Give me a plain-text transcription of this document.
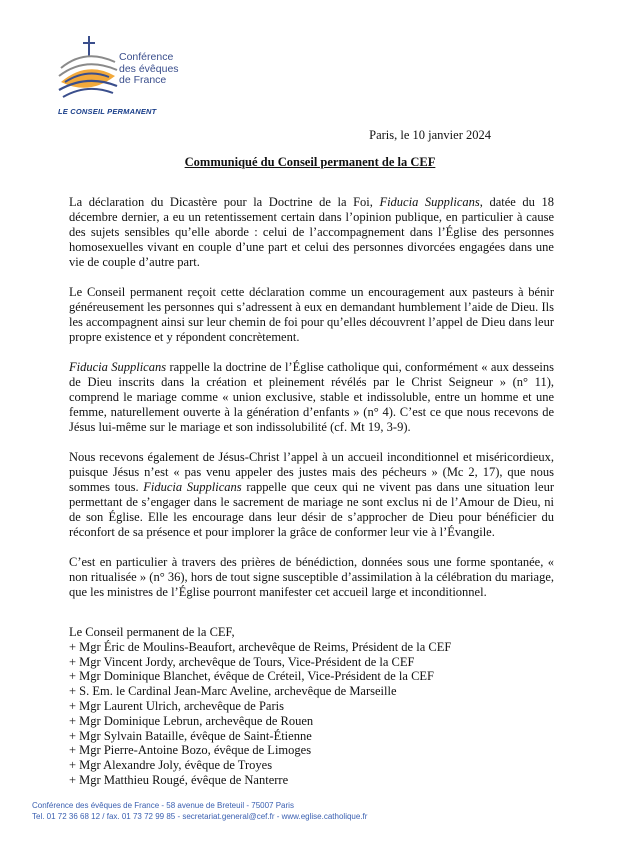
Conférence
des évêques
de France
LE CONSEIL PERMANENT
Paris, le 10 janvier 2024
Communiqué du Conseil permanent de la CEF

La déclaration du Dicastère pour la Doctrine de la Foi, Fiducia Supplicans, datée du 18 décembre dernier, a eu un retentissement certain dans l’opinion publique, en particulier à cause des sujets sensibles qu’elle aborde : celui de l’accompagnement dans l’Église des personnes homosexuelles vivant en couple d’une part et celui des personnes divorcées engagées dans une vie de couple d’autre part.

Le Conseil permanent reçoit cette déclaration comme un encouragement aux pasteurs à bénir généreusement les personnes qui s’adressent à eux en demandant humblement l’aide de Dieu. Ils les accompagnent ainsi sur leur chemin de foi pour qu’elles découvrent l’appel de Dieu dans leur propre existence et y répondent concrètement.

Fiducia Supplicans rappelle la doctrine de l’Église catholique qui, conformément « aux desseins de Dieu inscrits dans la création et pleinement révélés par le Christ Seigneur » (n° 11), comprend le mariage comme « union exclusive, stable et indissoluble, entre un homme et une femme, naturellement ouverte à la génération d’enfants » (n° 4). C’est ce que nous recevons de Jésus lui-même sur le mariage et son indissolubilité (cf. Mt 19, 3-9).

Nous recevons également de Jésus-Christ l’appel à un accueil inconditionnel et miséricordieux, puisque Jésus n’est « pas venu appeler des justes mais des pécheurs » (Mc 2, 17), que nous sommes tous. Fiducia Supplicans rappelle que ceux qui ne vivent pas dans une situation leur permettant de s’engager dans le sacrement de mariage ne sont exclus ni de l’Amour de Dieu, ni de son Église. Elle les encourage dans leur désir de s’approcher de Dieu pour bénéficier du réconfort de sa présence et pour implorer la grâce de conformer leur vie à l’Évangile.

C’est en particulier à travers des prières de bénédiction, données sous une forme spontanée, « non ritualisée » (n° 36), hors de tout signe susceptible d’assimilation à la célébration du mariage, que les ministres de l’Église pourront manifester cet accueil large et inconditionnel.

Le Conseil permanent de la CEF,
+ Mgr Éric de Moulins-Beaufort, archevêque de Reims, Président de la CEF
+ Mgr Vincent Jordy, archevêque de Tours, Vice-Président de la CEF
+ Mgr Dominique Blanchet, évêque de Créteil, Vice-Président de la CEF
+ S. Em. le Cardinal Jean-Marc Aveline, archevêque de Marseille
+ Mgr Laurent Ulrich, archevêque de Paris
+ Mgr Dominique Lebrun, archevêque de Rouen
+ Mgr Sylvain Bataille, évêque de Saint-Étienne
+ Mgr Pierre-Antoine Bozo, évêque de Limoges
+ Mgr Alexandre Joly, évêque de Troyes
+ Mgr Matthieu Rougé, évêque de Nanterre
Conférence des évêques de France - 58 avenue de Breteuil - 75007 Paris
Tel. 01 72 36 68 12 / fax. 01 73 72 99 85 - secretariat.general@cef.fr - www.eglise.catholique.fr
